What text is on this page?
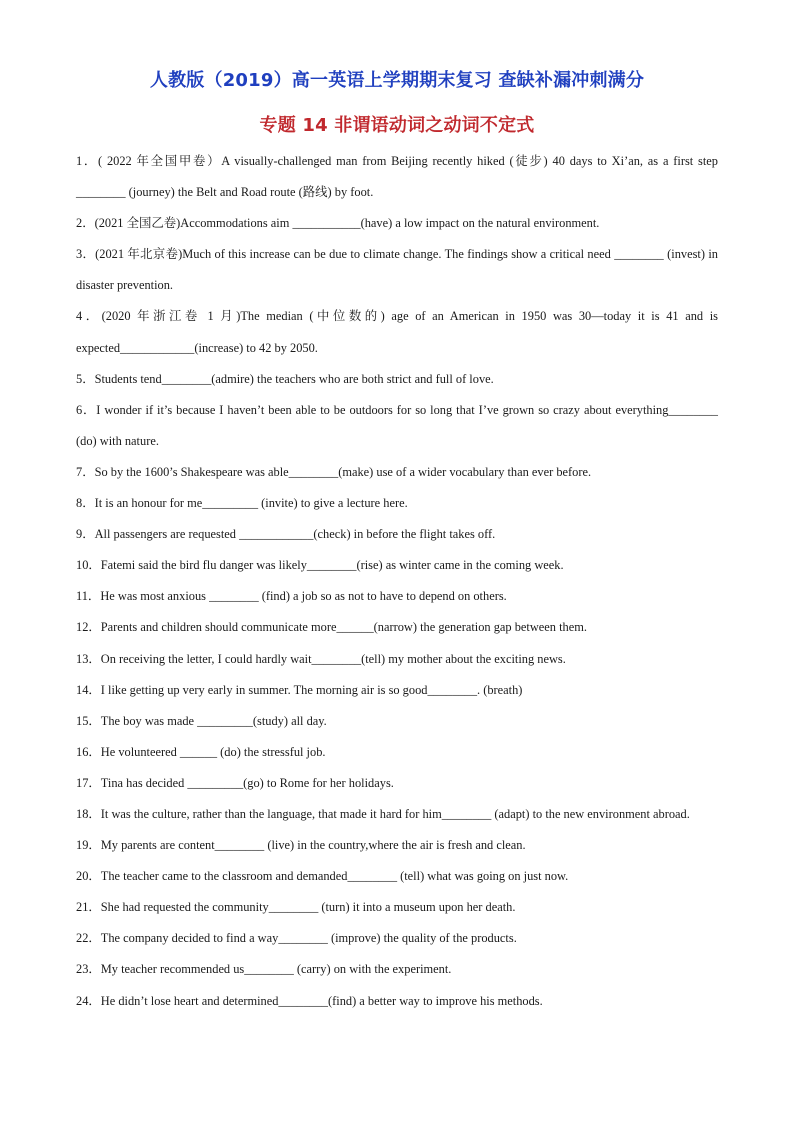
人教版（2019）高一英语上学期期末复习 查缺补漏冲刺满分
专题 14 非谓语动词之动词不定式
1．( 2022 年全国甲卷）A visually-challenged man from Beijing recently hiked (徒步) 40 days to Xi’an, as a first step ________ (journey) the Belt and Road route (路线) by foot.
2．(2021 全国乙卷)Accommodations aim ___________(have) a low impact on the natural environment.
3．(2021 年北京卷)Much of this increase can be due to climate change. The findings show a critical need ________ (invest) in disaster prevention.
4．(2020 年浙江卷 1 月)The median (中位数的) age of an American in 1950 was 30—today it is 41 and is expected____________(increase) to 42 by 2050.
5．Students tend________(admire) the teachers who are both strict and full of love.
6．I wonder if it’s because I haven’t been able to be outdoors for so long that I’ve grown so crazy about everything________ (do) with nature.
7．So by the 1600’s Shakespeare was able________(make) use of a wider vocabulary than ever before.
8．It is an honour for me_________ (invite) to give a lecture here.
9．All passengers are requested ____________(check) in before the flight takes off.
10．Fatemi said the bird flu danger was likely________(rise) as winter came in the coming week.
11．He was most anxious ________ (find) a job so as not to have to depend on others.
12．Parents and children should communicate more______(narrow) the generation gap between them.
13．On receiving the letter, I could hardly wait________(tell) my mother about the exciting news.
14．I like getting up very early in summer. The morning air is so good________. (breath)
15．The boy was made _________(study) all day.
16．He volunteered ______ (do) the stressful job.
17．Tina has decided _________(go) to Rome for her holidays.
18．It was the culture, rather than the language, that made it hard for him________ (adapt) to the new environment abroad.
19．My parents are content________ (live) in the country,where the air is fresh and clean.
20．The teacher came to the classroom and demanded________ (tell) what was going on just now.
21．She had requested the community________ (turn) it into a museum upon her death.
22．The company decided to find a way________ (improve) the quality of the products.
23．My teacher recommended us________ (carry) on with the experiment.
24．He didn’t lose heart and determined________(find) a better way to improve his methods.
